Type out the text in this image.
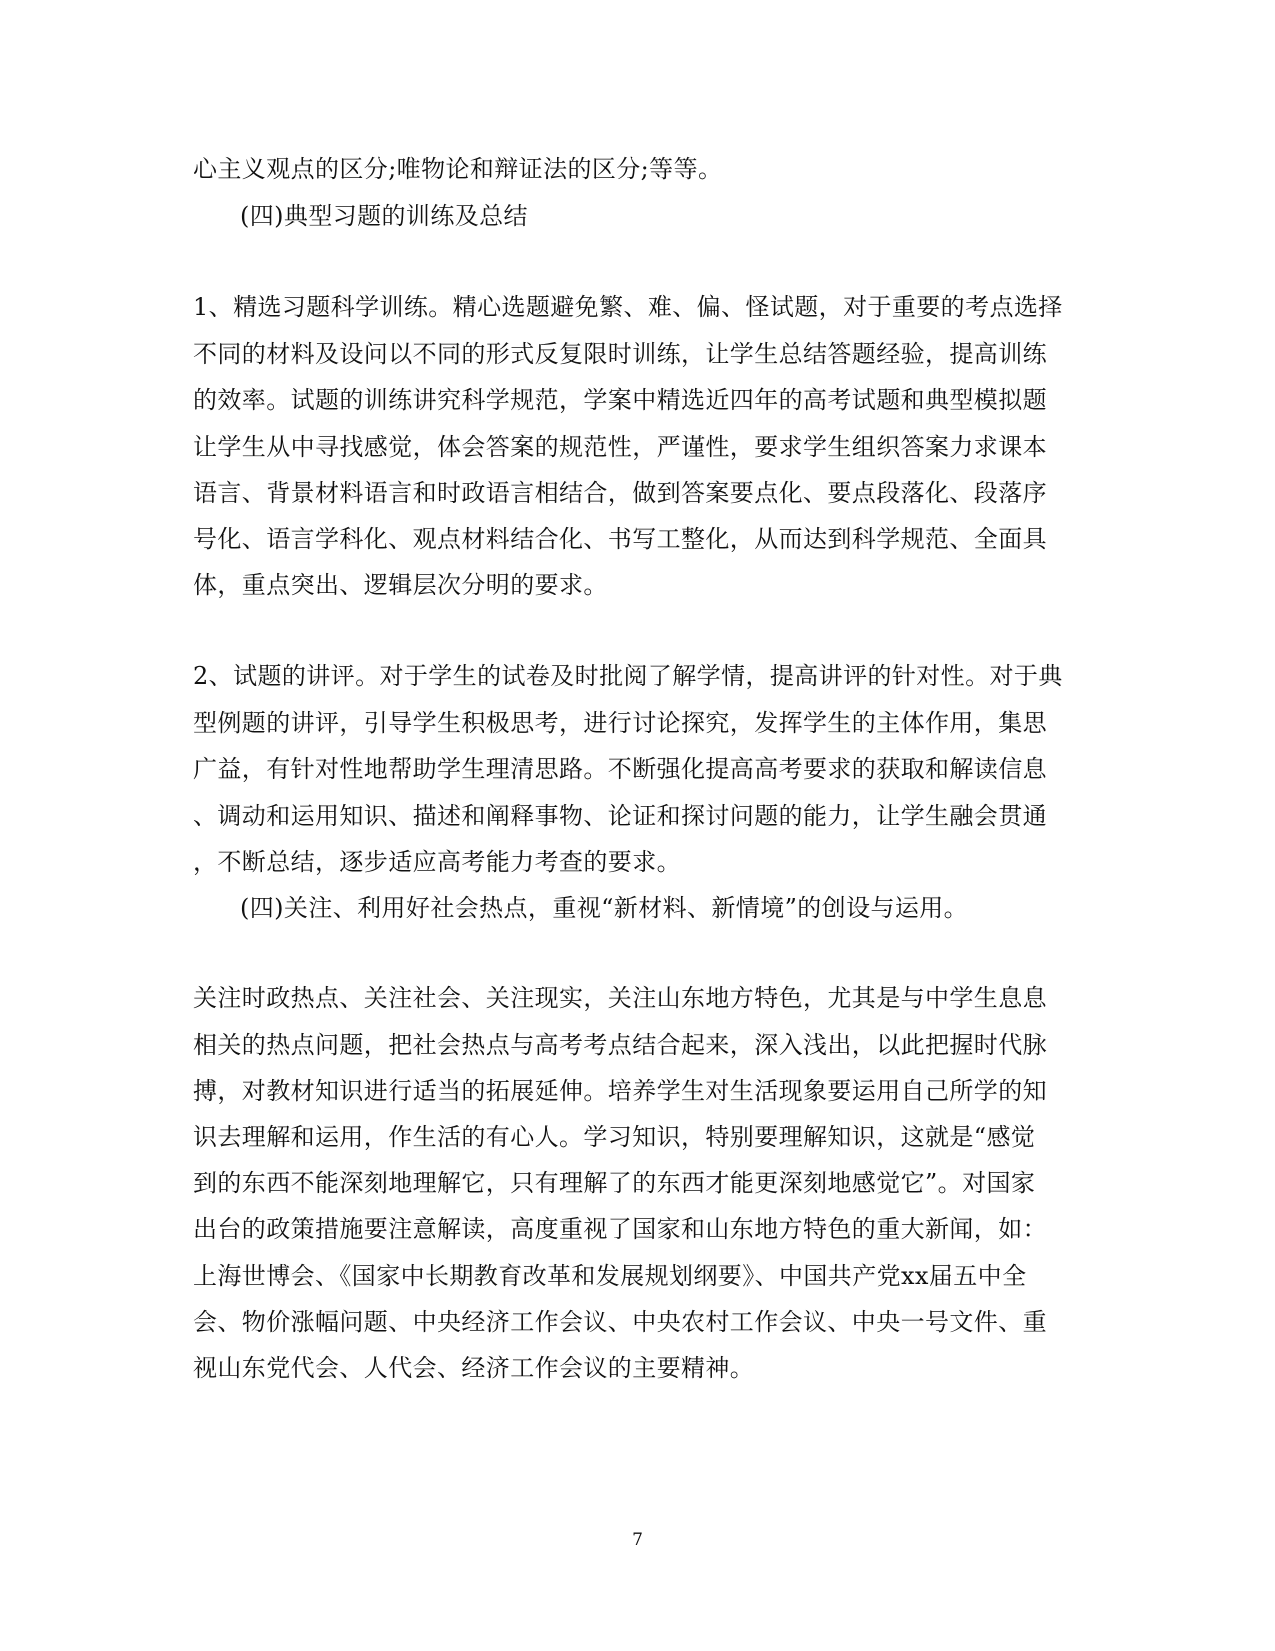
心主义观点的区分;唯物论和辩证法的区分;等等。
(四)典型习题的训练及总结
1、精选习题科学训练。精心选题避免繁、难、偏、怪试题，对于重要的考点选择
不同的材料及设问以不同的形式反复限时训练，让学生总结答题经验，提高训练
的效率。试题的训练讲究科学规范，学案中精选近四年的高考试题和典型模拟题
让学生从中寻找感觉，体会答案的规范性，严谨性，要求学生组织答案力求课本
语言、背景材料语言和时政语言相结合，做到答案要点化、要点段落化、段落序
号化、语言学科化、观点材料结合化、书写工整化，从而达到科学规范、全面具
体，重点突出、逻辑层次分明的要求。
2、试题的讲评。对于学生的试卷及时批阅了解学情，提高讲评的针对性。对于典
型例题的讲评，引导学生积极思考，进行讨论探究，发挥学生的主体作用，集思
广益，有针对性地帮助学生理清思路。不断强化提高高考要求的获取和解读信息
、调动和运用知识、描述和阐释事物、论证和探讨问题的能力，让学生融会贯通
，不断总结，逐步适应高考能力考查的要求。
(四)关注、利用好社会热点，重视“新材料、新情境”的创设与运用。
关注时政热点、关注社会、关注现实，关注山东地方特色，尤其是与中学生息息
相关的热点问题，把社会热点与高考考点结合起来，深入浅出，以此把握时代脉
搏，对教材知识进行适当的拓展延伸。培养学生对生活现象要运用自己所学的知
识去理解和运用，作生活的有心人。学习知识，特别要理解知识，这就是“感觉
到的东西不能深刻地理解它，只有理解了的东西才能更深刻地感觉它”。对国家
出台的政策措施要注意解读，高度重视了国家和山东地方特色的重大新闻，如：
上海世博会、《国家中长期教育改革和发展规划纲要》、中国共产党xx届五中全
会、物价涨幅问题、中央经济工作会议、中央农村工作会议、中央一号文件、重
视山东党代会、人代会、经济工作会议的主要精神。
7
